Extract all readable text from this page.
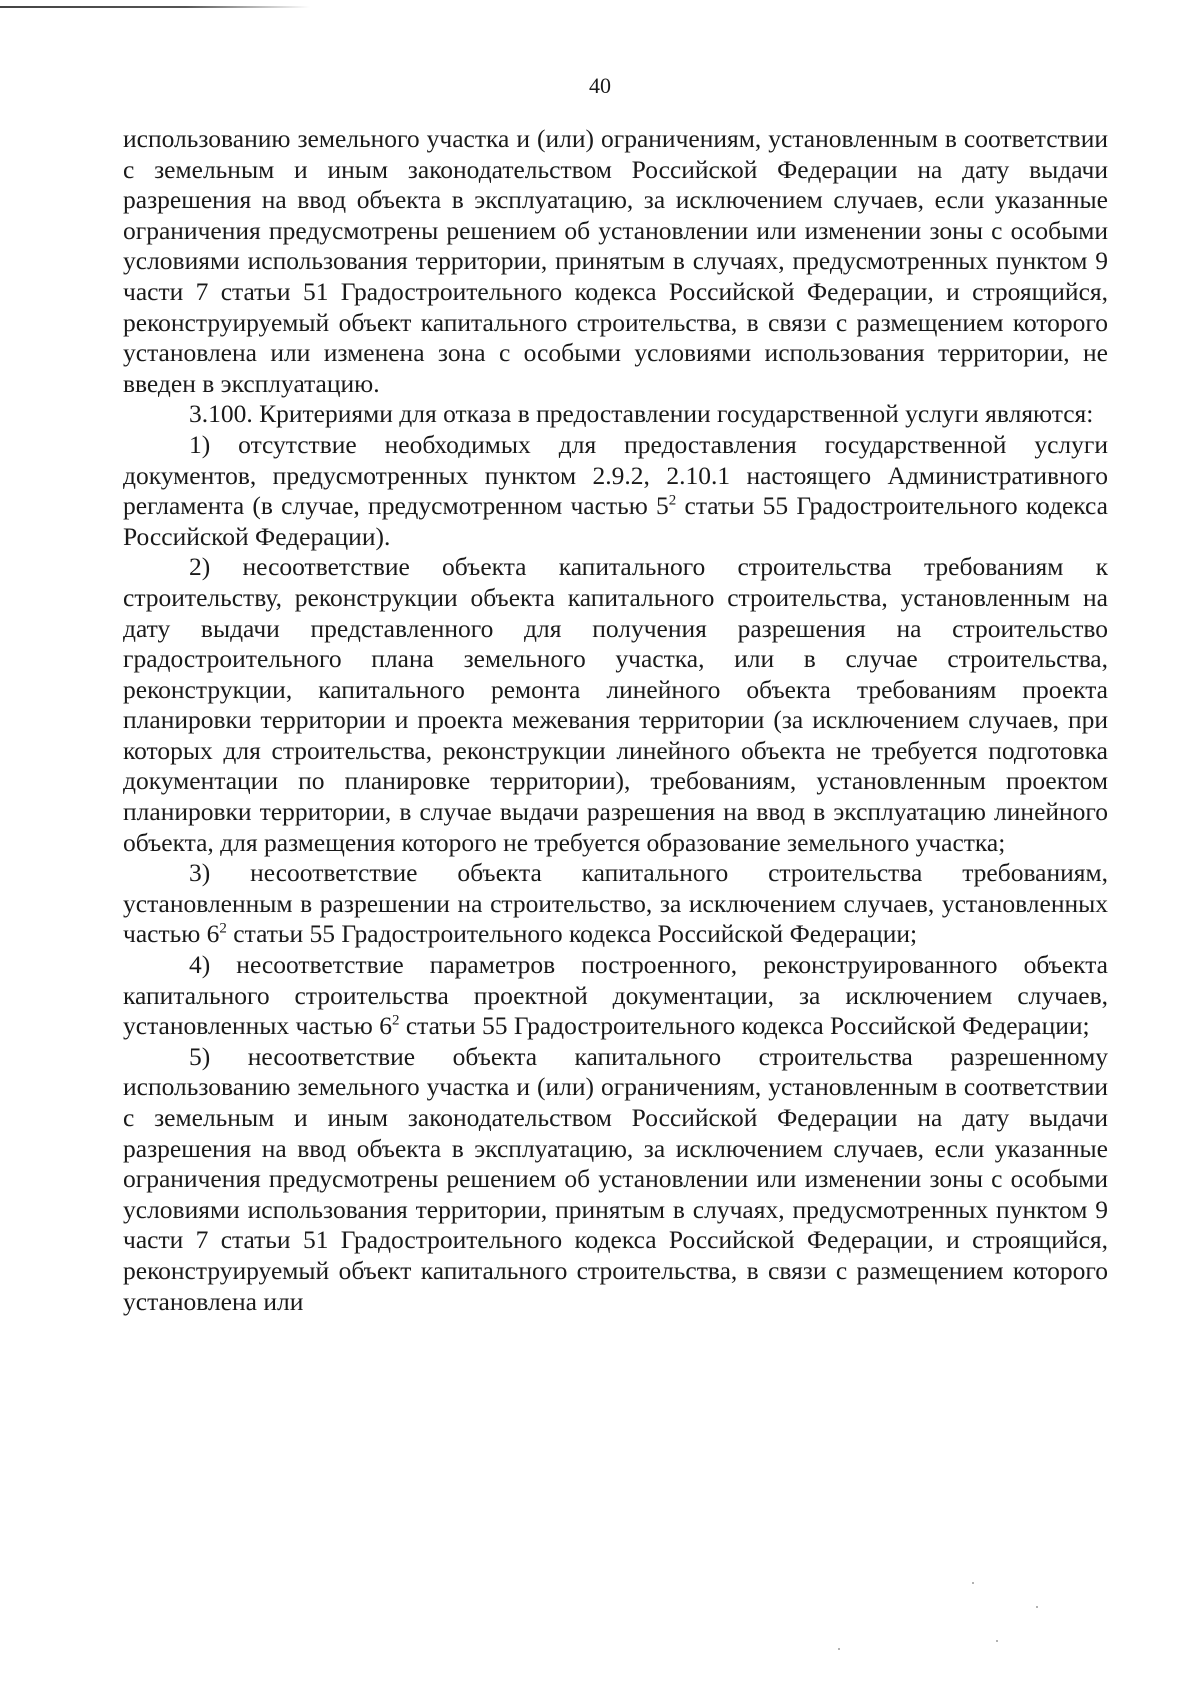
40

использованию земельного участка и (или) ограничениям, установленным в соответствии с земельным и иным законодательством Российской Федерации на дату выдачи разрешения на ввод объекта в эксплуатацию, за исключением случаев, если указанные ограничения предусмотрены решением об установлении или изменении зоны с особыми условиями использования территории, принятым в случаях, предусмотренных пунктом 9 части 7 статьи 51 Градостроительного кодекса Российской Федерации, и строящийся, реконструируемый объект капитального строительства, в связи с размещением которого установлена или изменена зона с особыми условиями использования территории, не введен в эксплуатацию.

3.100. Критериями для отказа в предоставлении государственной услуги являются:

1) отсутствие необходимых для предоставления государственной услуги документов, предусмотренных пунктом 2.9.2, 2.10.1 настоящего Административного регламента (в случае, предусмотренном частью $5^2$ статьи 55 Градостроительного кодекса Российской Федерации).

2) несоответствие объекта капитального строительства требованиям к строительству, реконструкции объекта капитального строительства, установленным на дату выдачи представленного для получения разрешения на строительство градостроительного плана земельного участка, или в случае строительства, реконструкции, капитального ремонта линейного объекта требованиям проекта планировки территории и проекта межевания территории (за исключением случаев, при которых для строительства, реконструкции линейного объекта не требуется подготовка документации по планировке территории), требованиям, установленным проектом планировки территории, в случае выдачи разрешения на ввод в эксплуатацию линейного объекта, для размещения которого не требуется образование земельного участка;

3) несоответствие объекта капитального строительства требованиям, установленным в разрешении на строительство, за исключением случаев, установленных частью $6^2$ статьи 55 Градостроительного кодекса Российской Федерации;

4) несоответствие параметров построенного, реконструированного объекта капитального строительства проектной документации, за исключением случаев, установленных частью $6^2$ статьи 55 Градостроительного кодекса Российской Федерации;

5) несоответствие объекта капитального строительства разрешенному использованию земельного участка и (или) ограничениям, установленным в соответствии с земельным и иным законодательством Российской Федерации на дату выдачи разрешения на ввод объекта в эксплуатацию, за исключением случаев, если указанные ограничения предусмотрены решением об установлении или изменении зоны с особыми условиями использования территории, принятым в случаях, предусмотренных пунктом 9 части 7 статьи 51 Градостроительного кодекса Российской Федерации, и строящийся, реконструируемый объект капитального строительства, в связи с размещением которого установлена или
